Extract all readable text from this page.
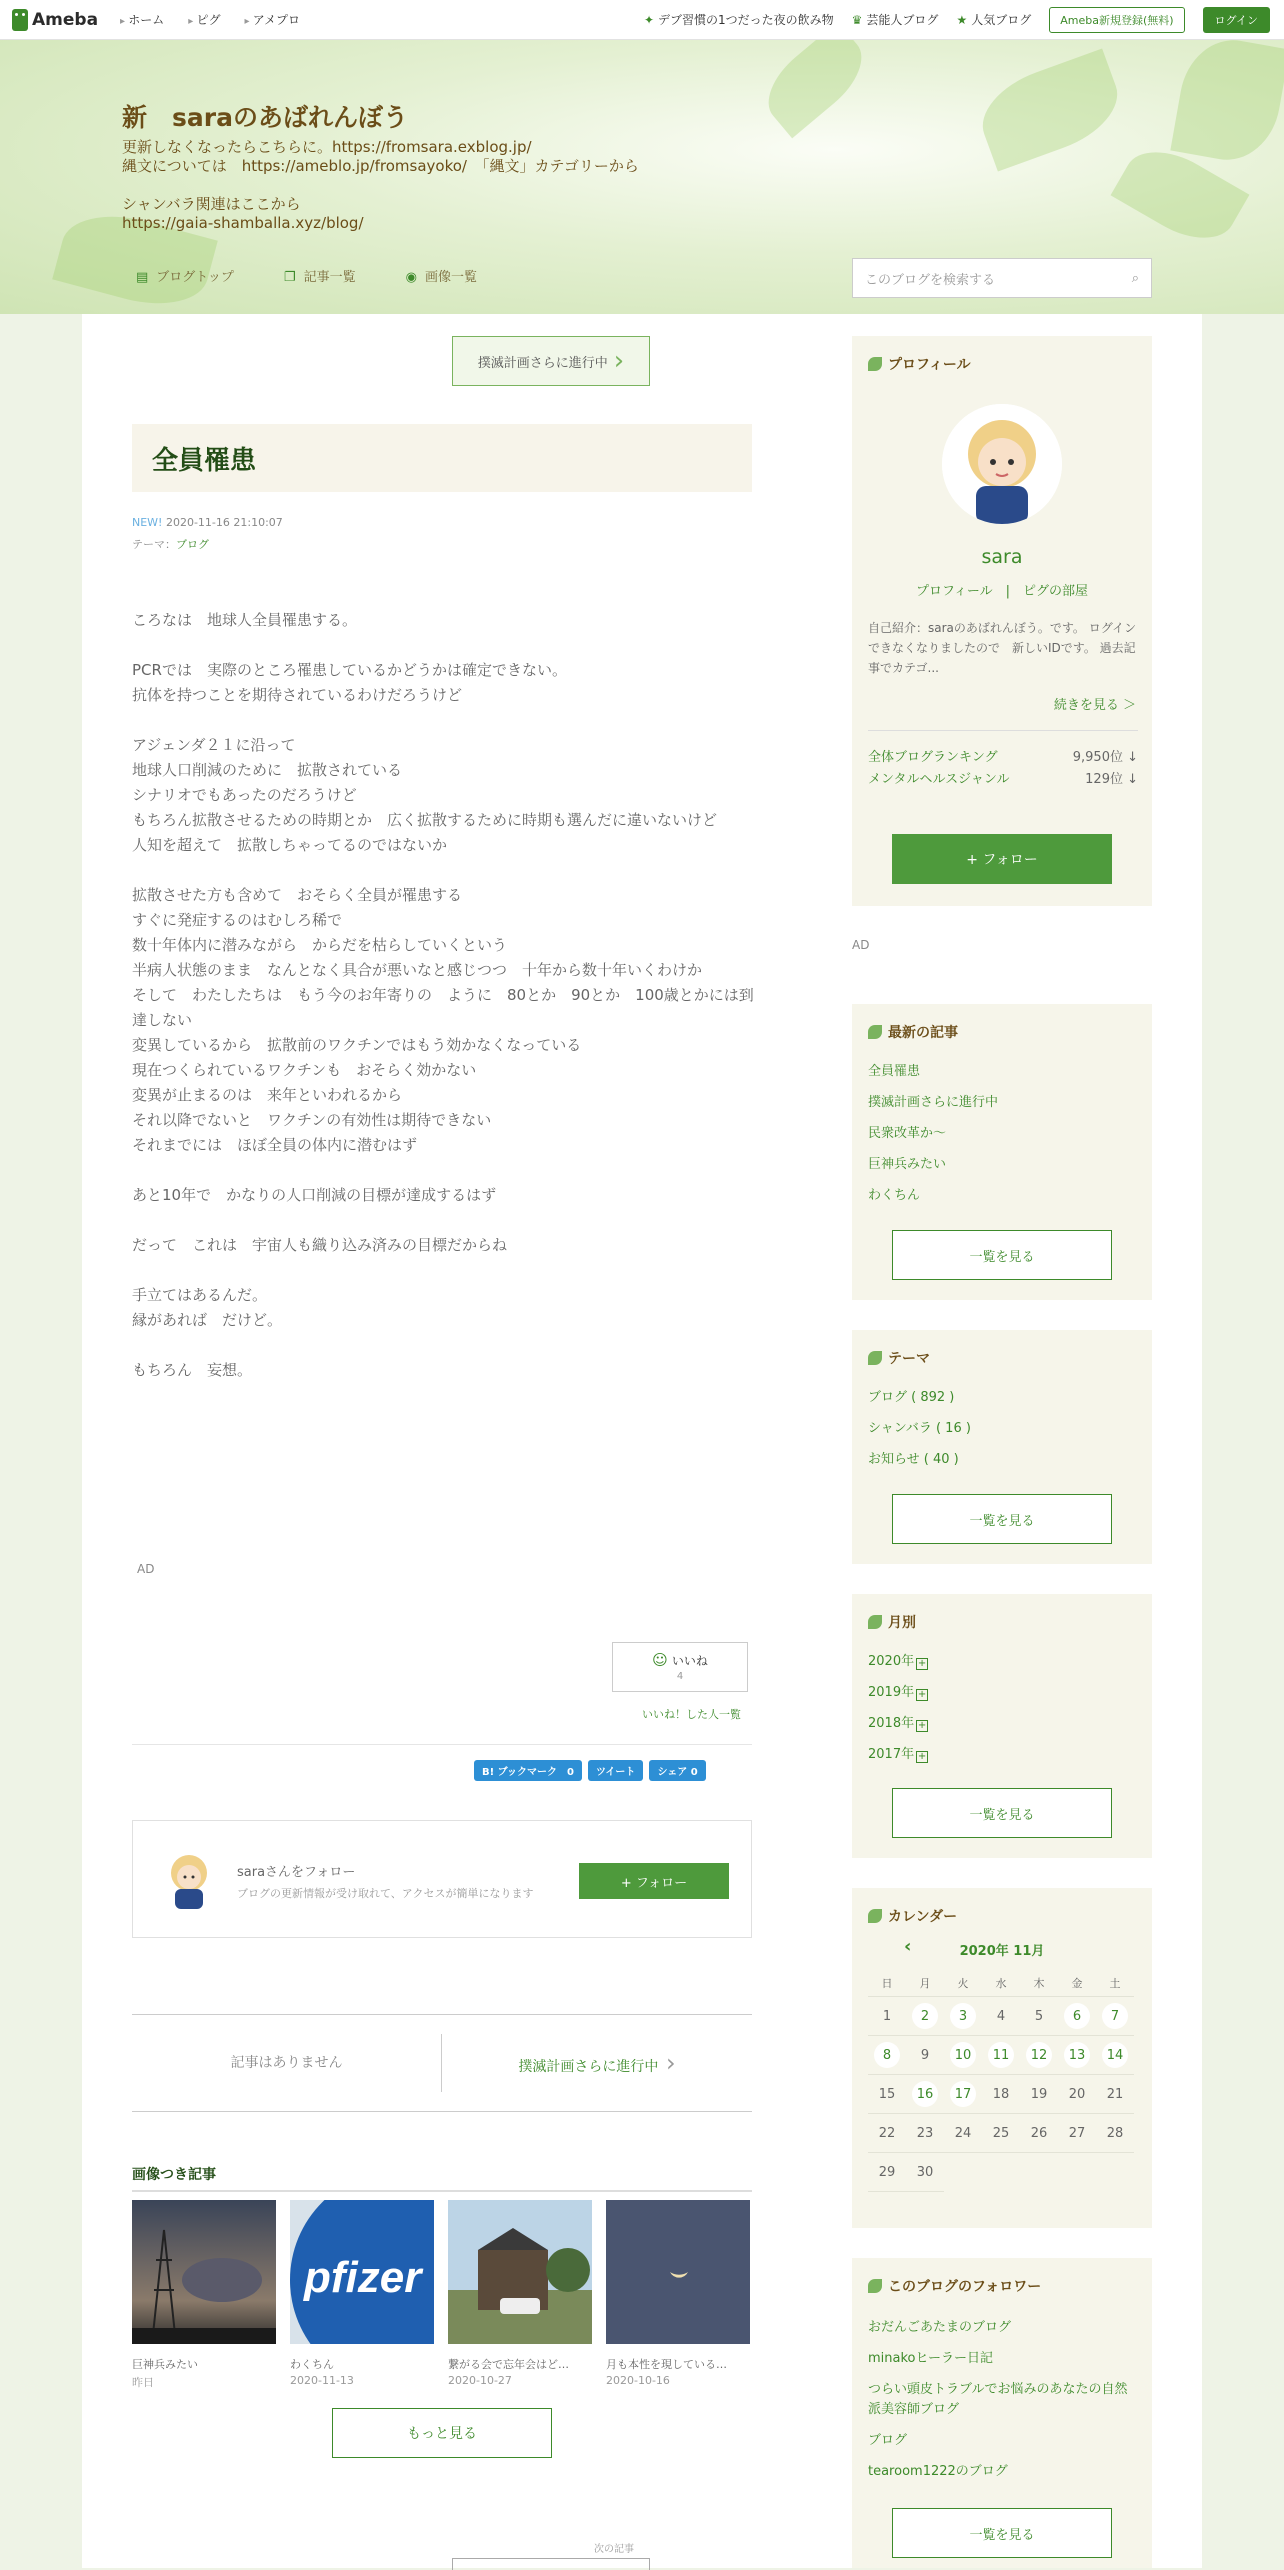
Ameba	▸ ホーム	▸ ピグ	▸ アメプロ	✦ デブ習慣の1つだった夜の飲み物 ♛ 芸能人ブログ ★ 人気ブログ	Ameba新規登録(無料)	ログイン
新　saraのあばれんぼう
更新しなくなったらこちらに。https://fromsara.exblog.jp/
縄文については　https://ameblo.jp/fromsayoko/　「縄文」カテゴリーから

シャンバラ関連はここから
https://gaia-shamballa.xyz/blog/
▤ ブログトップ	❐ 記事一覧	◉ 画像一覧	このブログを検索する	⌕
撲滅計画さらに進行中 ›
全員罹患
NEW! 2020-11-16 21:10:07
テーマ：ブログ

ころなは　地球人全員罹患する。

PCRでは　実際のところ罹患しているかどうかは確定できない。

抗体を持つことを期待されているわけだろうけど

アジェンダ２１に沿って

地球人口削減のために　拡散されている

シナリオでもあったのだろうけど

もちろん拡散させるための時期とか　広く拡散するために時期も選んだに違いないけど

人知を超えて　拡散しちゃってるのではないか

拡散させた方も含めて　おそらく全員が罹患する

すぐに発症するのはむしろ稀で

数十年体内に潜みながら　からだを枯らしていくという

半病人状態のまま　なんとなく具合が悪いなと感じつつ　十年から数十年いくわけか

そして　わたしたちは　もう今のお年寄りの　ように　80とか　90とか　100歳とかには到達しない

変異しているから　拡散前のワクチンではもう効かなくなっている

現在つくられているワクチンも　おそらく効かない

変異が止まるのは　来年といわれるから

それ以降でないと　ワクチンの有効性は期待できない

それまでには　ほぼ全員の体内に潜むはず

あと10年で　かなりの人口削減の目標が達成するはず

だって　これは　宇宙人も織り込み済みの目標だからね

手立てはあるんだ。

縁があれば　だけど。

もちろん　妄想。

AD
☺ いいね
4
いいね！した人一覧
B! ブックマーク　0	ツイート	シェア 0
saraさんをフォロー
ブログの更新情報が受け取れて、アクセスが簡単になります
+ フォロー
記事はありません	撲滅計画さらに進行中 ›
画像つき記事
巨神兵みたい
昨日
pfizer
わくちん
2020-11-13
繋がる会で忘年会はど…
2020-10-27
月も本性を現している…
2020-10-16
もっと見る
次の記事
プロフィール
sara
プロフィール　|　ピグの部屋
自己紹介：saraのあばれんぼう。です。 ログインできなくなりましたので　新しいIDです。 過去記事でカテゴ...
続きを見る ＞
全体ブログランキング	9,950位 ↓
メンタルヘルスジャンル	129位 ↓
+ フォロー
AD
最新の記事
全員罹患
撲滅計画さらに進行中
民衆改革か～
巨神兵みたい
わくちん
一覧を見る
テーマ
ブログ ( 892 )
シャンバラ ( 16 )
お知らせ ( 40 )
一覧を見る
月別
2020年 +
2019年 +
2018年 +
2017年 +
一覧を見る
カレンダー
‹	2020年 11月
日	月	火	水	木	金	土
1	2	3	4 5	6	7
8	9	10	11	12	13	14
15	16	17	18 19 20 21
22 23 24 25 26 27 28
29 30
このブログのフォロワー
おだんごあたまのブログ
minakoヒーラー日記
つらい頭皮トラブルでお悩みのあなたの自然派美容師ブログ
ブログ
tearoom1222のブログ
一覧を見る
